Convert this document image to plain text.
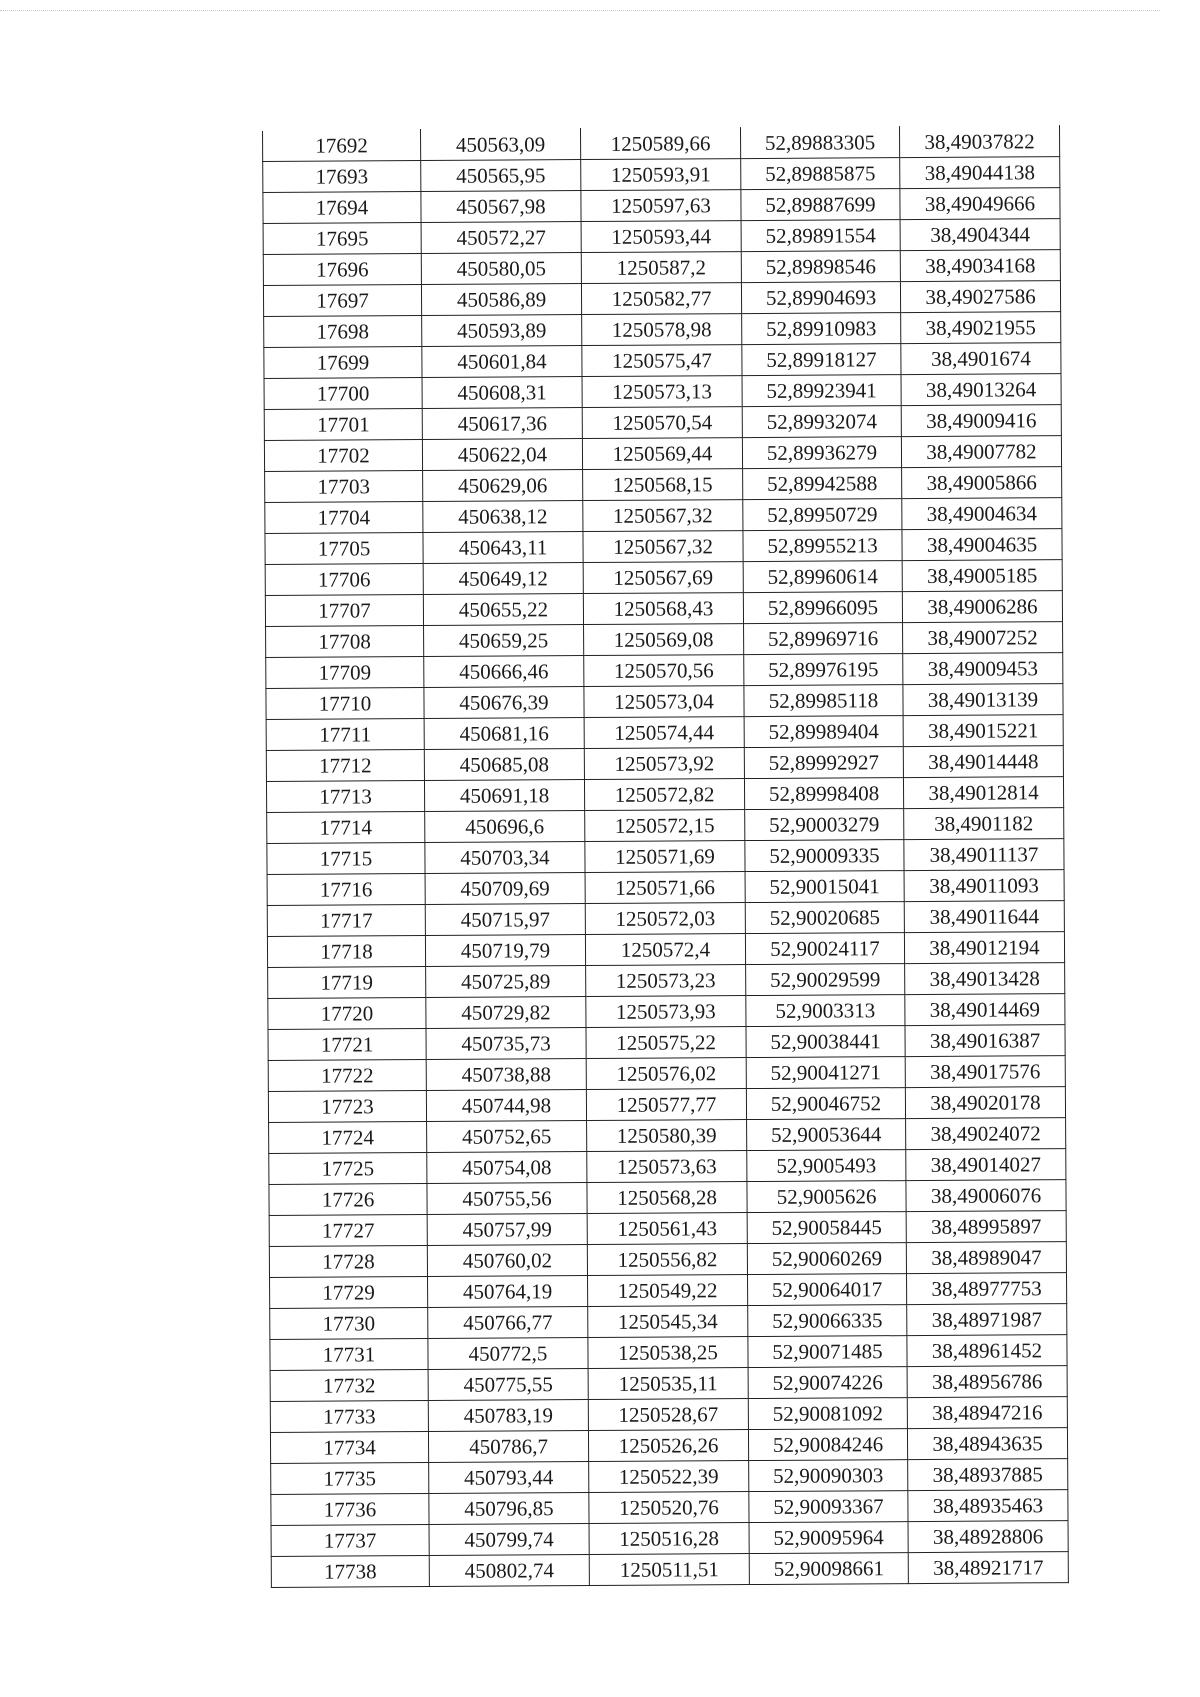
17692	450563,09	1250589,66	52,89883305	38,49037822
17693	450565,95	1250593,91	52,89885875	38,49044138
17694	450567,98	1250597,63	52,89887699	38,49049666
17695	450572,27	1250593,44	52,89891554	38,4904344
17696	450580,05	1250587,2	52,89898546	38,49034168
17697	450586,89	1250582,77	52,89904693	38,49027586
17698	450593,89	1250578,98	52,89910983	38,49021955
17699	450601,84	1250575,47	52,89918127	38,4901674
17700	450608,31	1250573,13	52,89923941	38,49013264
17701	450617,36	1250570,54	52,89932074	38,49009416
17702	450622,04	1250569,44	52,89936279	38,49007782
17703	450629,06	1250568,15	52,89942588	38,49005866
17704	450638,12	1250567,32	52,89950729	38,49004634
17705	450643,11	1250567,32	52,89955213	38,49004635
17706	450649,12	1250567,69	52,89960614	38,49005185
17707	450655,22	1250568,43	52,89966095	38,49006286
17708	450659,25	1250569,08	52,89969716	38,49007252
17709	450666,46	1250570,56	52,89976195	38,49009453
17710	450676,39	1250573,04	52,89985118	38,49013139
17711	450681,16	1250574,44	52,89989404	38,49015221
17712	450685,08	1250573,92	52,89992927	38,49014448
17713	450691,18	1250572,82	52,89998408	38,49012814
17714	450696,6	1250572,15	52,90003279	38,4901182
17715	450703,34	1250571,69	52,90009335	38,49011137
17716	450709,69	1250571,66	52,90015041	38,49011093
17717	450715,97	1250572,03	52,90020685	38,49011644
17718	450719,79	1250572,4	52,90024117	38,49012194
17719	450725,89	1250573,23	52,90029599	38,49013428
17720	450729,82	1250573,93	52,9003313	38,49014469
17721	450735,73	1250575,22	52,90038441	38,49016387
17722	450738,88	1250576,02	52,90041271	38,49017576
17723	450744,98	1250577,77	52,90046752	38,49020178
17724	450752,65	1250580,39	52,90053644	38,49024072
17725	450754,08	1250573,63	52,9005493	38,49014027
17726	450755,56	1250568,28	52,9005626	38,49006076
17727	450757,99	1250561,43	52,90058445	38,48995897
17728	450760,02	1250556,82	52,90060269	38,48989047
17729	450764,19	1250549,22	52,90064017	38,48977753
17730	450766,77	1250545,34	52,90066335	38,48971987
17731	450772,5	1250538,25	52,90071485	38,48961452
17732	450775,55	1250535,11	52,90074226	38,48956786
17733	450783,19	1250528,67	52,90081092	38,48947216
17734	450786,7	1250526,26	52,90084246	38,48943635
17735	450793,44	1250522,39	52,90090303	38,48937885
17736	450796,85	1250520,76	52,90093367	38,48935463
17737	450799,74	1250516,28	52,90095964	38,48928806
17738	450802,74	1250511,51	52,90098661	38,48921717
